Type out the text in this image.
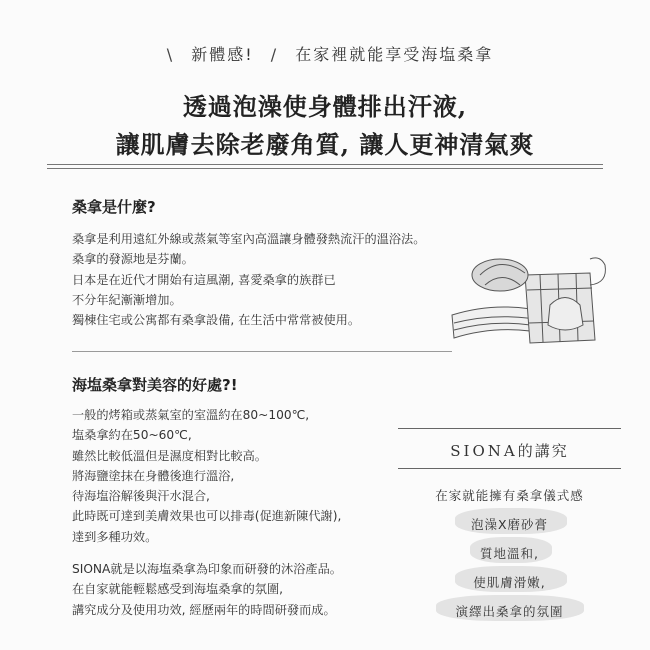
\ 新體感! / 在家裡就能享受海塩桑拿
透過泡澡使身體排出汗液,
讓肌膚去除老廢角質, 讓人更神清氣爽
桑拿是什麼?
桑拿是利用遠紅外線或蒸氣等室內高溫讓身體發熱流汗的溫浴法。
桑拿的發源地是芬蘭。
日本是在近代才開始有這風潮, 喜愛桑拿的族群已
不分年紀漸漸增加。
獨棟住宅或公寓都有桑拿設備, 在生活中常常被使用。
海塩桑拿對美容的好處?!
一般的烤箱或蒸氣室的室溫約在80~100℃,
塩桑拿約在50~60℃,
雖然比較低溫但是濕度相對比較高。
將海鹽塗抹在身體後進行溫浴,
待海塩浴解後與汗水混合,
此時既可達到美膚效果也可以排毒(促進新陳代謝),
達到多種功效。
SIONA就是以海塩桑拿為印象而研發的沐浴產品。
在自家就能輕鬆感受到海塩桑拿的氛圍,
講究成分及使用功效, 經歷兩年的時間研發而成。
SIONA的講究
在家就能擁有桑拿儀式感
泡澡X磨砂膏
質地溫和,
使肌膚滑嫩,
演繹出桑拿的氛圍
